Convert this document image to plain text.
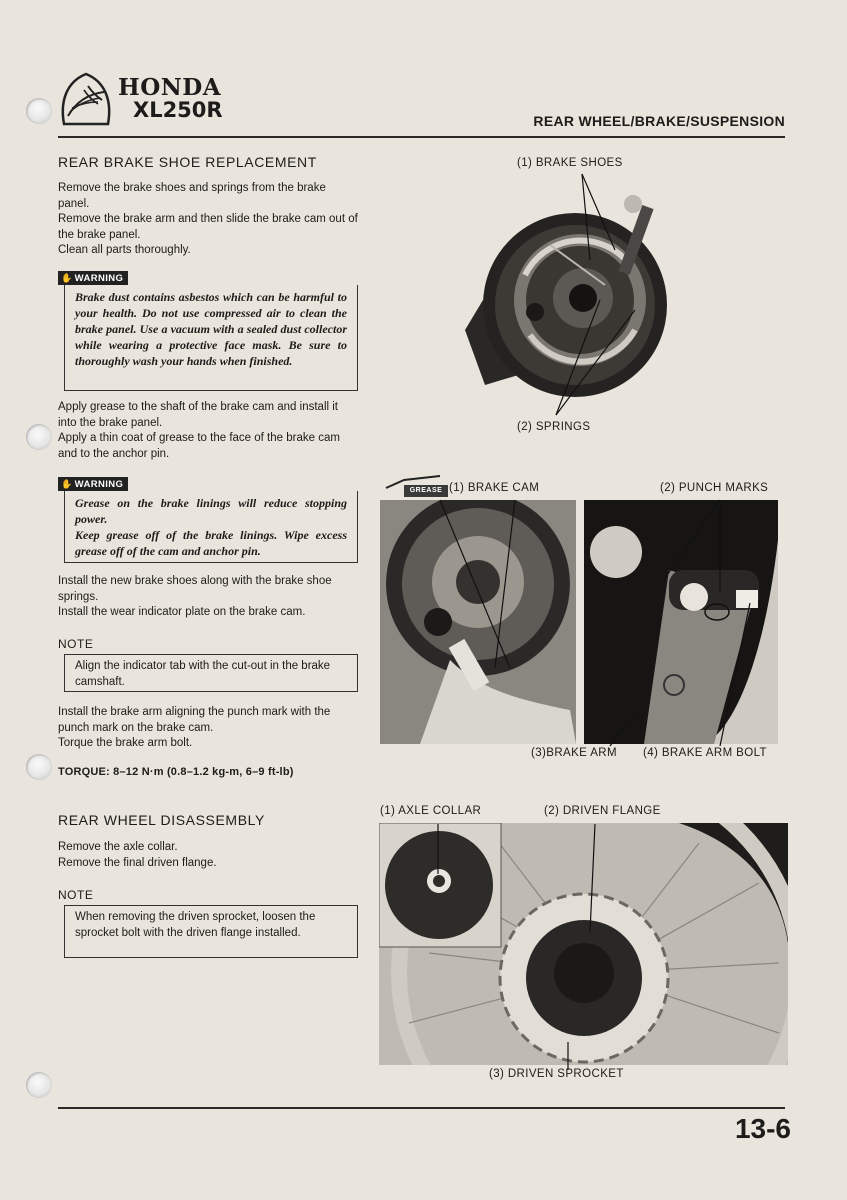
HONDA
XL250R	REAR WHEEL/BRAKE/SUSPENSION
REAR BRAKE SHOE REPLACEMENT

Remove the brake shoes and springs from the brake panel.

Remove the brake arm and then slide the brake cam out of the brake panel.

Clean all parts thoroughly.

✋ WARNING
Brake dust contains asbestos which can be harmful to your health. Do not use compressed air to clean the brake panel. Use a vacuum with a sealed dust collector while wearing a protective face mask. Be sure to thoroughly wash your hands when finished.

Apply grease to the shaft of the brake cam and install it into the brake panel.

Apply a thin coat of grease to the face of the brake cam and to the anchor pin.

✋ WARNING
Grease on the brake linings will reduce stopping power.
Keep grease off of the brake linings. Wipe excess grease off of the cam and anchor pin.

Install the new brake shoes along with the brake shoe springs.

Install the wear indicator plate on the brake cam.

NOTE
Align the indicator tab with the cut-out in the brake camshaft.

Install the brake arm aligning the punch mark with the punch mark on the brake cam.

Torque the brake arm bolt.

TORQUE: 8–12 N·m (0.8–1.2 kg-m, 6–9 ft-lb)
REAR WHEEL DISASSEMBLY

Remove the axle collar.

Remove the final driven flange.

NOTE
When removing the driven sprocket, loosen the sprocket bolt with the driven flange installed.
(1) BRAKE SHOES
(2) SPRINGS
GREASE (1) BRAKE CAM	(2) PUNCH MARKS
(3)BRAKE ARM (4) BRAKE ARM BOLT
(1) AXLE COLLAR	(2) DRIVEN FLANGE
(3) DRIVEN SPROCKET
13-6
